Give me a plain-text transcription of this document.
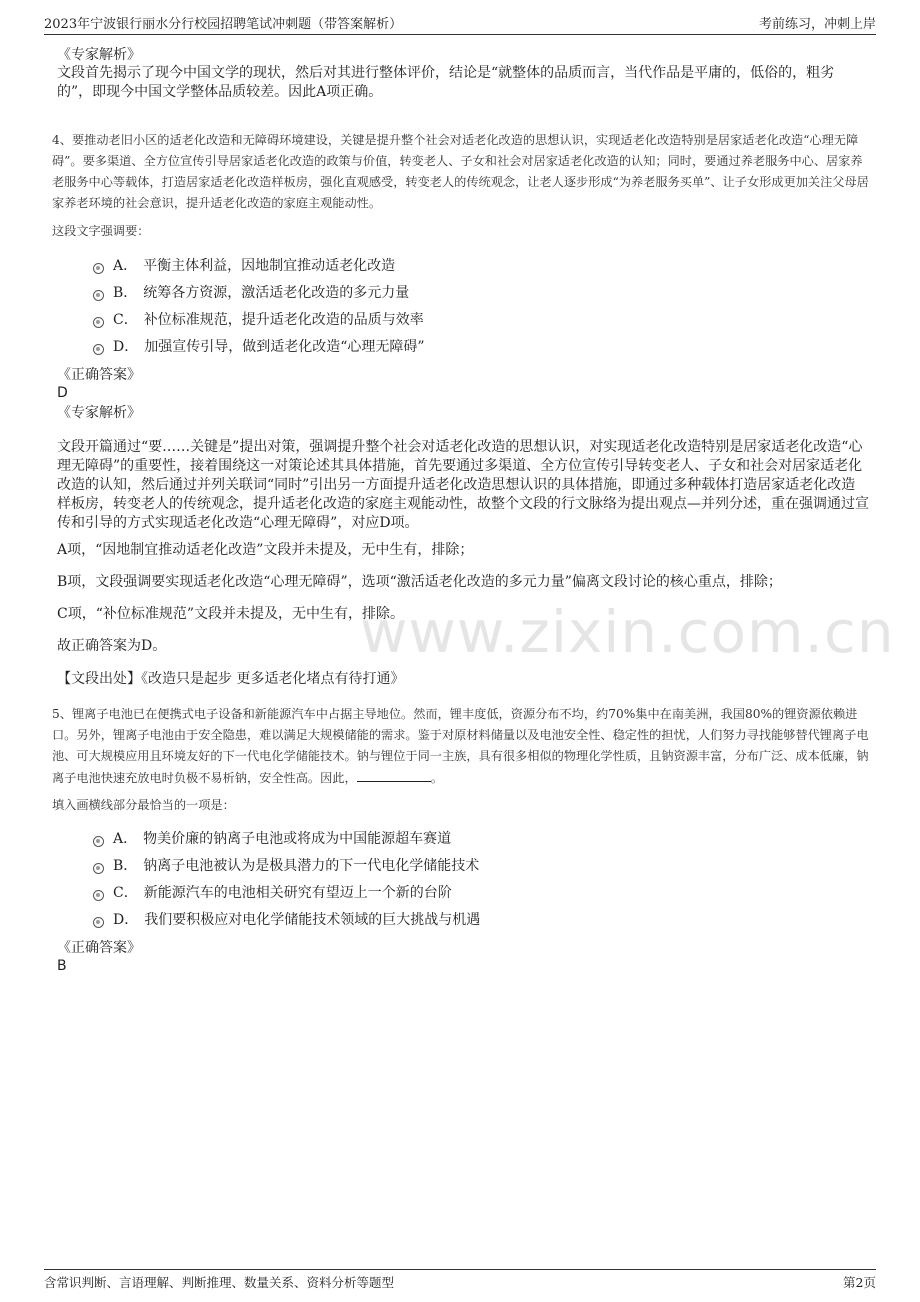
2023年宁波银行丽水分行校园招聘笔试冲刺题（带答案解析）	考前练习，冲刺上岸
《专家解析》
文段首先揭示了现今中国文学的现状，然后对其进行整体评价，结论是“就整体的品质而言，当代作品是平庸的，低俗的，粗劣的”，即现今中国文学整体品质较差。因此A项正确。
4、要推动老旧小区的适老化改造和无障碍环境建设，关键是提升整个社会对适老化改造的思想认识，实现适老化改造特别是居家适老化改造“心理无障碍”。要多渠道、全方位宣传引导居家适老化改造的政策与价值，转变老人、子女和社会对居家适老化改造的认知；同时，要通过养老服务中心、居家养老服务中心等载体，打造居家适老化改造样板房，强化直观感受，转变老人的传统观念，让老人逐步形成“为养老服务买单”、让子女形成更加关注父母居家养老环境的社会意识，提升适老化改造的家庭主观能动性。
这段文字强调要：
A． 平衡主体利益，因地制宜推动适老化改造
B． 统筹各方资源，激活适老化改造的多元力量
C． 补位标准规范，提升适老化改造的品质与效率
D． 加强宣传引导，做到适老化改造“心理无障碍”
《正确答案》
D
《专家解析》
文段开篇通过“要……关键是”提出对策，强调提升整个社会对适老化改造的思想认识，对实现适老化改造特别是居家适老化改造“心理无障碍”的重要性，接着围绕这一对策论述其具体措施，首先要通过多渠道、全方位宣传引导转变老人、子女和社会对居家适老化改造的认知，然后通过并列关联词“同时”引出另一方面提升适老化改造思想认识的具体措施，即通过多种载体打造居家适老化改造样板房，转变老人的传统观念，提升适老化改造的家庭主观能动性，故整个文段的行文脉络为提出观点—并列分述，重在强调通过宣传和引导的方式实现适老化改造“心理无障碍”，对应D项。
A项，“因地制宜推动适老化改造”文段并未提及，无中生有，排除；
B项，文段强调要实现适老化改造“心理无障碍”，选项“激活适老化改造的多元力量”偏离文段讨论的核心重点，排除；
C项，“补位标准规范”文段并未提及，无中生有，排除。
故正确答案为D。
【文段出处】《改造只是起步 更多适老化堵点有待打通》
www.zixin.com.cn
5、锂离子电池已在便携式电子设备和新能源汽车中占据主导地位。然而，锂丰度低，资源分布不均，约70%集中在南美洲，我国80%的锂资源依赖进口。另外，锂离子电池由于安全隐患，难以满足大规模储能的需求。鉴于对原材料储量以及电池安全性、稳定性的担忧，人们努力寻找能够替代锂离子电池、可大规模应用且环境友好的下一代电化学储能技术。钠与锂位于同一主族，具有很多相似的物理化学性质，且钠资源丰富，分布广泛、成本低廉，钠离子电池快速充放电时负极不易析钠，安全性高。因此，	。
填入画横线部分最恰当的一项是：
A． 物美价廉的钠离子电池或将成为中国能源超车赛道
B． 钠离子电池被认为是极具潜力的下一代电化学储能技术
C． 新能源汽车的电池相关研究有望迈上一个新的台阶
D． 我们要积极应对电化学储能技术领域的巨大挑战与机遇
《正确答案》
B
含常识判断、言语理解、判断推理、数量关系、资料分析等题型	第2页
